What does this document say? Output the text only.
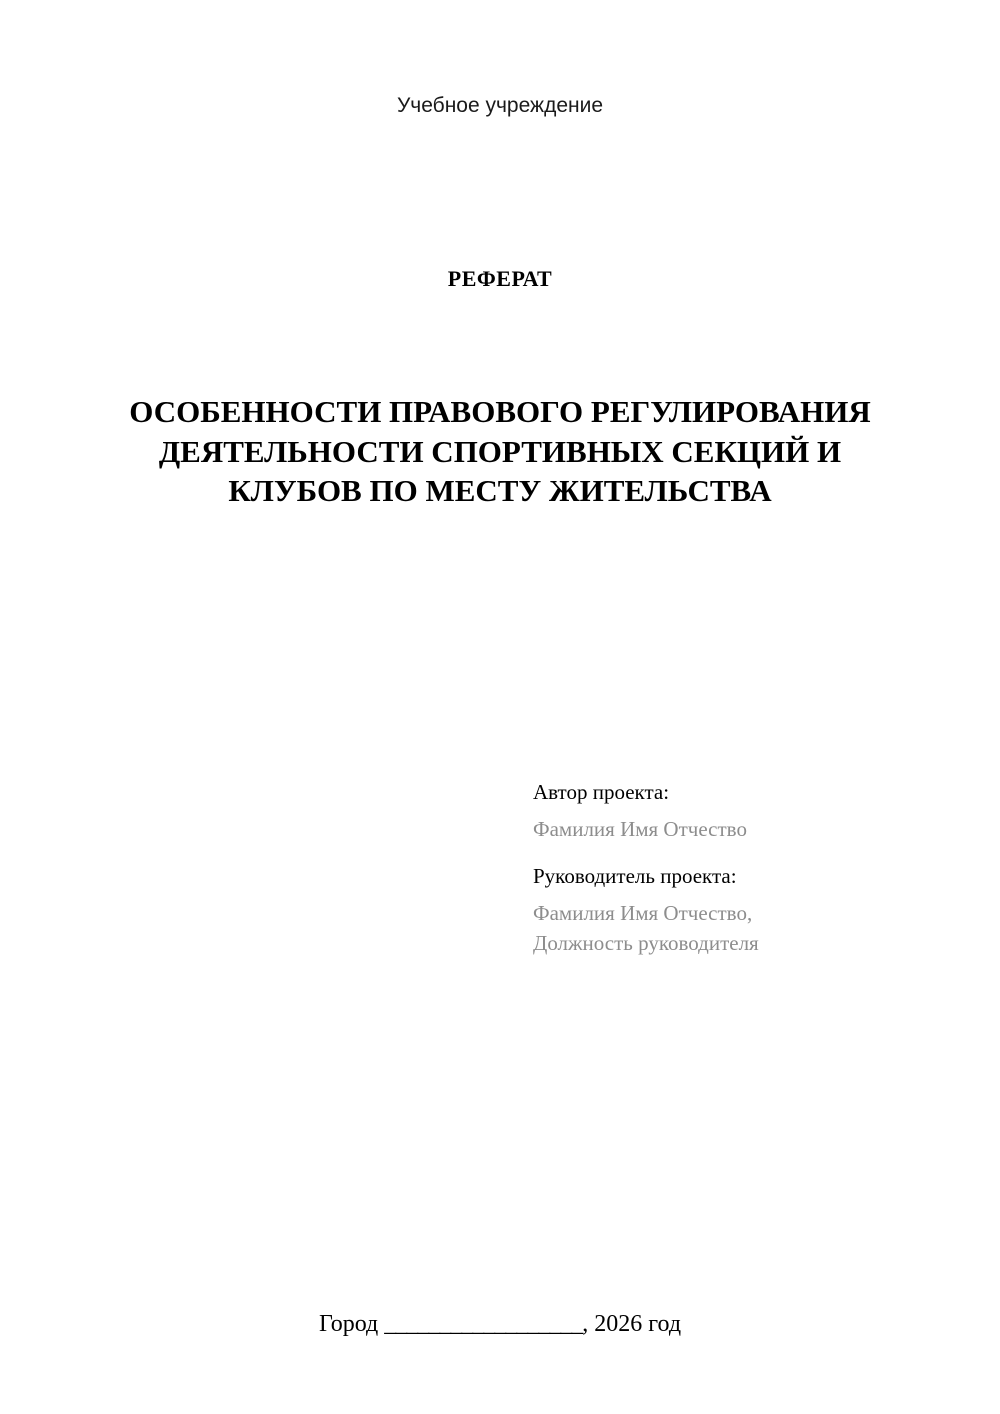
Учебное учреждение
РЕФЕРАТ
ОСОБЕННОСТИ ПРАВОВОГО РЕГУЛИРОВАНИЯ ДЕЯТЕЛЬНОСТИ СПОРТИВНЫХ СЕКЦИЙ И КЛУБОВ ПО МЕСТУ ЖИТЕЛЬСТВА
Автор проекта:
Фамилия Имя Отчество
Руководитель проекта:
Фамилия Имя Отчество,
Должность руководителя
Город __________________, 2026 год
